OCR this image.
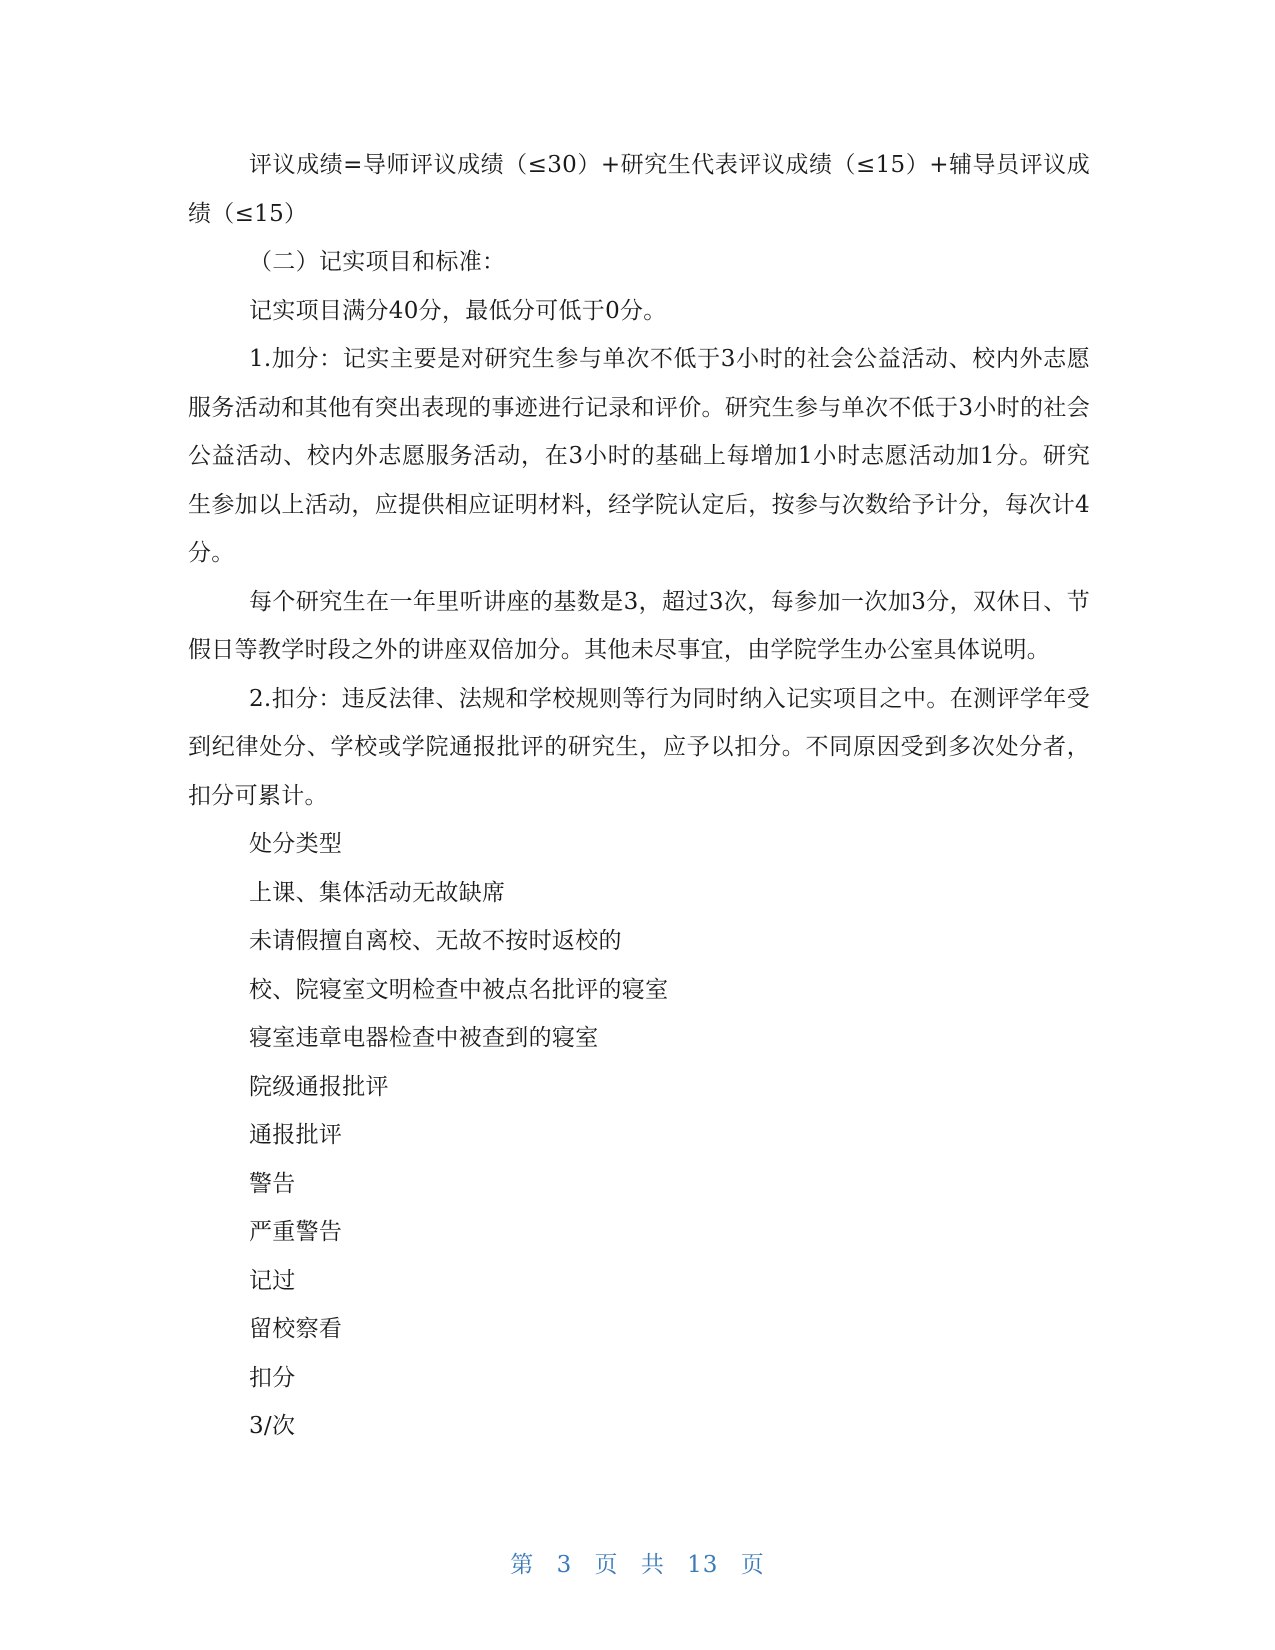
评议成绩=导师评议成绩（≤30）+研究生代表评议成绩（≤15）+辅导员评议成绩（≤15）

（二）记实项目和标准：

记实项目满分40分，最低分可低于0分。

1.加分：记实主要是对研究生参与单次不低于3小时的社会公益活动、校内外志愿服务活动和其他有突出表现的事迹进行记录和评价。研究生参与单次不低于3小时的社会公益活动、校内外志愿服务活动，在3小时的基础上每增加1小时志愿活动加1分。研究生参加以上活动，应提供相应证明材料，经学院认定后，按参与次数给予计分，每次计4分。

每个研究生在一年里听讲座的基数是3，超过3次，每参加一次加3分，双休日、节假日等教学时段之外的讲座双倍加分。其他未尽事宜，由学院学生办公室具体说明。

2.扣分：违反法律、法规和学校规则等行为同时纳入记实项目之中。在测评学年受到纪律处分、学校或学院通报批评的研究生，应予以扣分。不同原因受到多次处分者，扣分可累计。

处分类型

上课、集体活动无故缺席

未请假擅自离校、无故不按时返校的

校、院寝室文明检查中被点名批评的寝室

寝室违章电器检查中被查到的寝室

院级通报批评

通报批评

警告

严重警告

记过

留校察看

扣分

3/次

第 3 页 共 13 页
